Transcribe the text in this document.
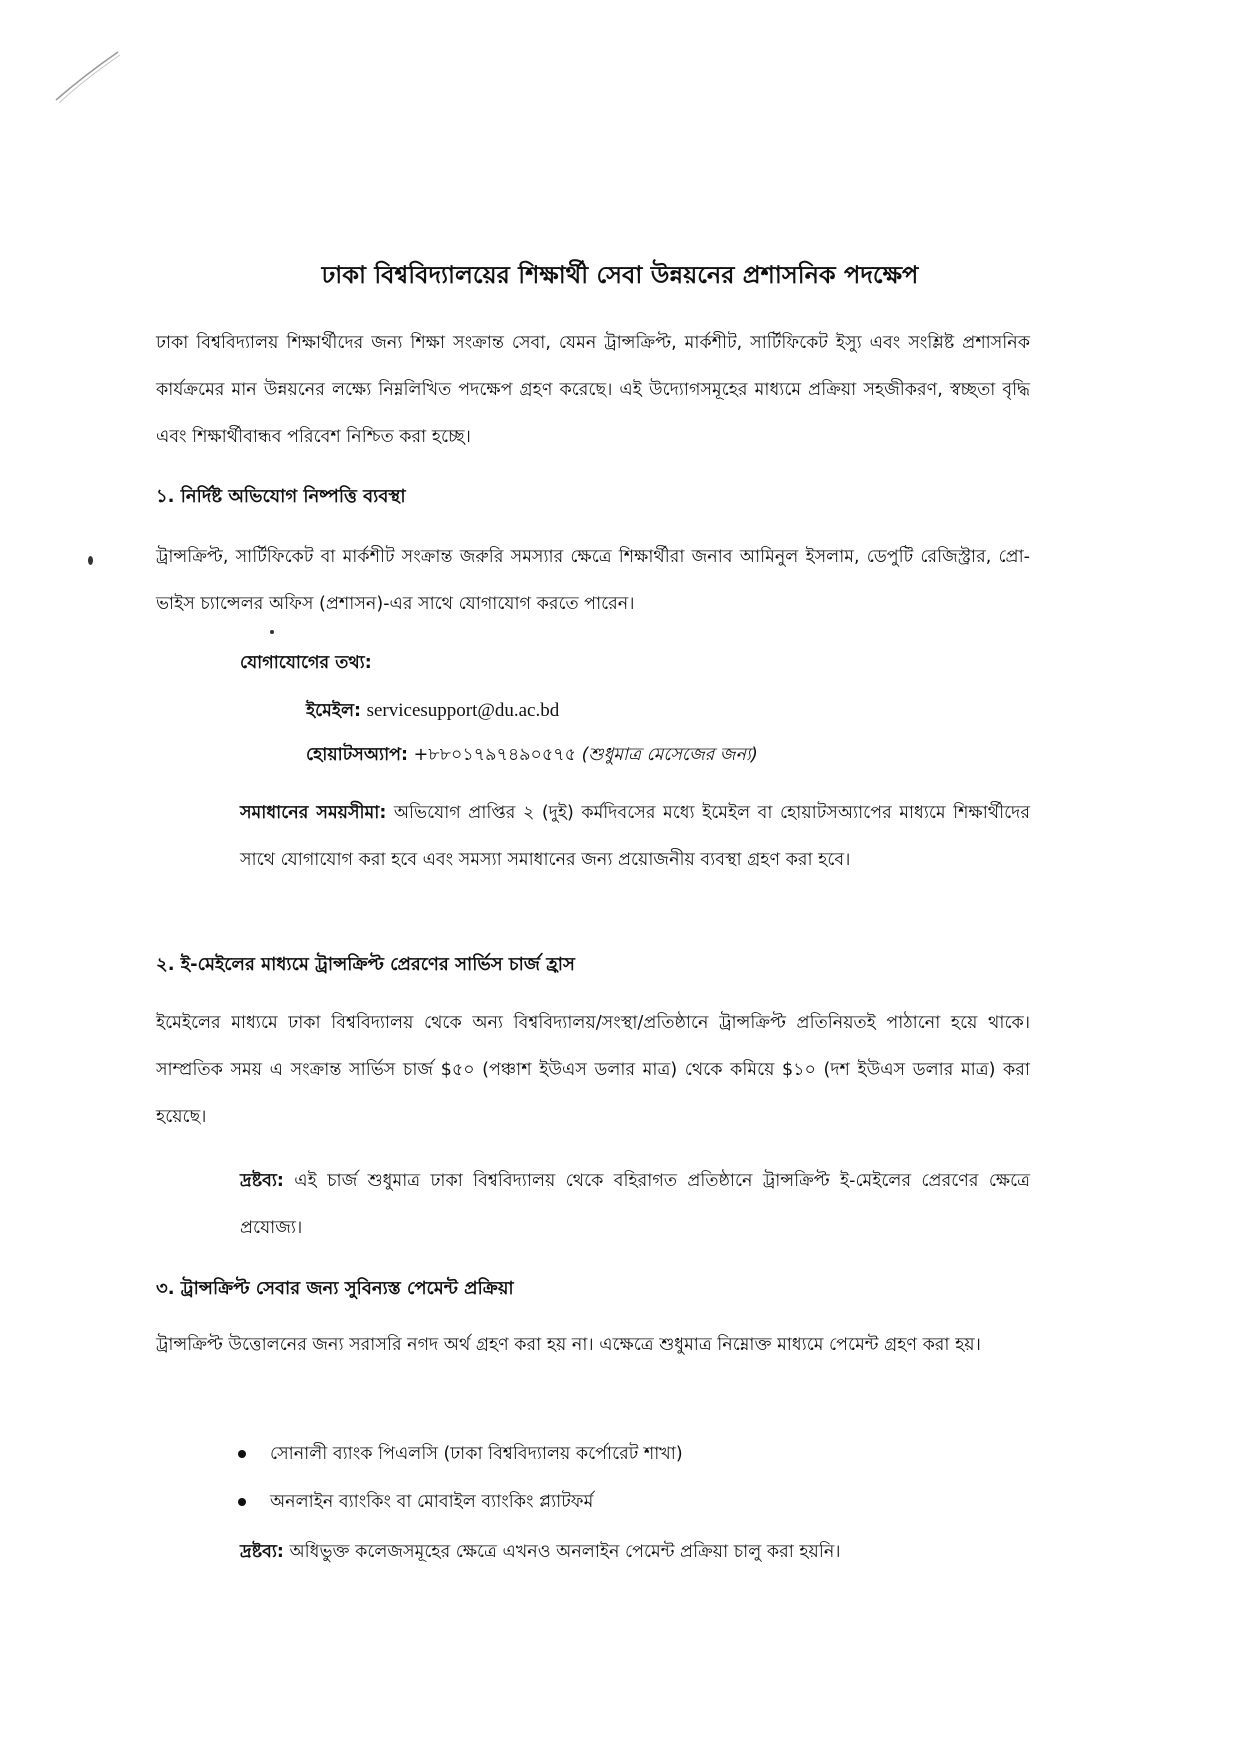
ঢাকা বিশ্ববিদ্যালয়ের শিক্ষার্থী সেবা উন্নয়নের প্রশাসনিক পদক্ষেপ
ঢাকা বিশ্ববিদ্যালয় শিক্ষার্থীদের জন্য শিক্ষা সংক্রান্ত সেবা, যেমন ট্রান্সক্রিপ্ট, মার্কশীট, সার্টিফিকেট ইস্যু এবং সংশ্লিষ্ট প্রশাসনিক কার্যক্রমের মান উন্নয়নের লক্ষ্যে নিম্নলিখিত পদক্ষেপ গ্রহণ করেছে। এই উদ্যোগসমূহের মাধ্যমে প্রক্রিয়া সহজীকরণ, স্বচ্ছতা বৃদ্ধি এবং শিক্ষার্থীবান্ধব পরিবেশ নিশ্চিত করা হচ্ছে।
১. নির্দিষ্ট অভিযোগ নিষ্পত্তি ব্যবস্থা
ট্রান্সক্রিপ্ট, সার্টিফিকেট বা মার্কশীট সংক্রান্ত জরুরি সমস্যার ক্ষেত্রে শিক্ষার্থীরা জনাব আমিনুল ইসলাম, ডেপুটি রেজিস্ট্রার, প্রো-ভাইস চ্যান্সেলর অফিস (প্রশাসন)-এর সাথে যোগাযোগ করতে পারেন।
যোগাযোগের তথ্য:
ইমেইল: servicesupport@du.ac.bd
হোয়াটসঅ্যাপ: +৮৮০১৭৯৭৪৯০৫৭৫ (শুধুমাত্র মেসেজের জন্য)
সমাধানের সময়সীমা: অভিযোগ প্রাপ্তির ২ (দুই) কর্মদিবসের মধ্যে ইমেইল বা হোয়াটসঅ্যাপের মাধ্যমে শিক্ষার্থীদের সাথে যোগাযোগ করা হবে এবং সমস্যা সমাধানের জন্য প্রয়োজনীয় ব্যবস্থা গ্রহণ করা হবে।
২. ই-মেইলের মাধ্যমে ট্রান্সক্রিপ্ট প্রেরণের সার্ভিস চার্জ হ্রাস
ইমেইলের মাধ্যমে ঢাকা বিশ্ববিদ্যালয় থেকে অন্য বিশ্ববিদ্যালয়/সংস্থা/প্রতিষ্ঠানে ট্রান্সক্রিপ্ট প্রতিনিয়তই পাঠানো হয়ে থাকে। সাম্প্রতিক সময় এ সংক্রান্ত সার্ভিস চার্জ $৫০ (পঞ্চাশ ইউএস ডলার মাত্র) থেকে কমিয়ে $১০ (দশ ইউএস ডলার মাত্র) করা হয়েছে।
দ্রষ্টব্য: এই চার্জ শুধুমাত্র ঢাকা বিশ্ববিদ্যালয় থেকে বহিরাগত প্রতিষ্ঠানে ট্রান্সক্রিপ্ট ই-মেইলের প্রেরণের ক্ষেত্রে প্রযোজ্য।
৩. ট্রান্সক্রিপ্ট সেবার জন্য সুবিন্যস্ত পেমেন্ট প্রক্রিয়া
ট্রান্সক্রিপ্ট উত্তোলনের জন্য সরাসরি নগদ অর্থ গ্রহণ করা হয় না। এক্ষেত্রে শুধুমাত্র নিম্নোক্ত মাধ্যমে পেমেন্ট গ্রহণ করা হয়।
সোনালী ব্যাংক পিএলসি (ঢাকা বিশ্ববিদ্যালয় কর্পোরেট শাখা)
অনলাইন ব্যাংকিং বা মোবাইল ব্যাংকিং প্ল্যাটফর্ম
দ্রষ্টব্য: অধিভুক্ত কলেজসমূহের ক্ষেত্রে এখনও অনলাইন পেমেন্ট প্রক্রিয়া চালু করা হয়নি।
